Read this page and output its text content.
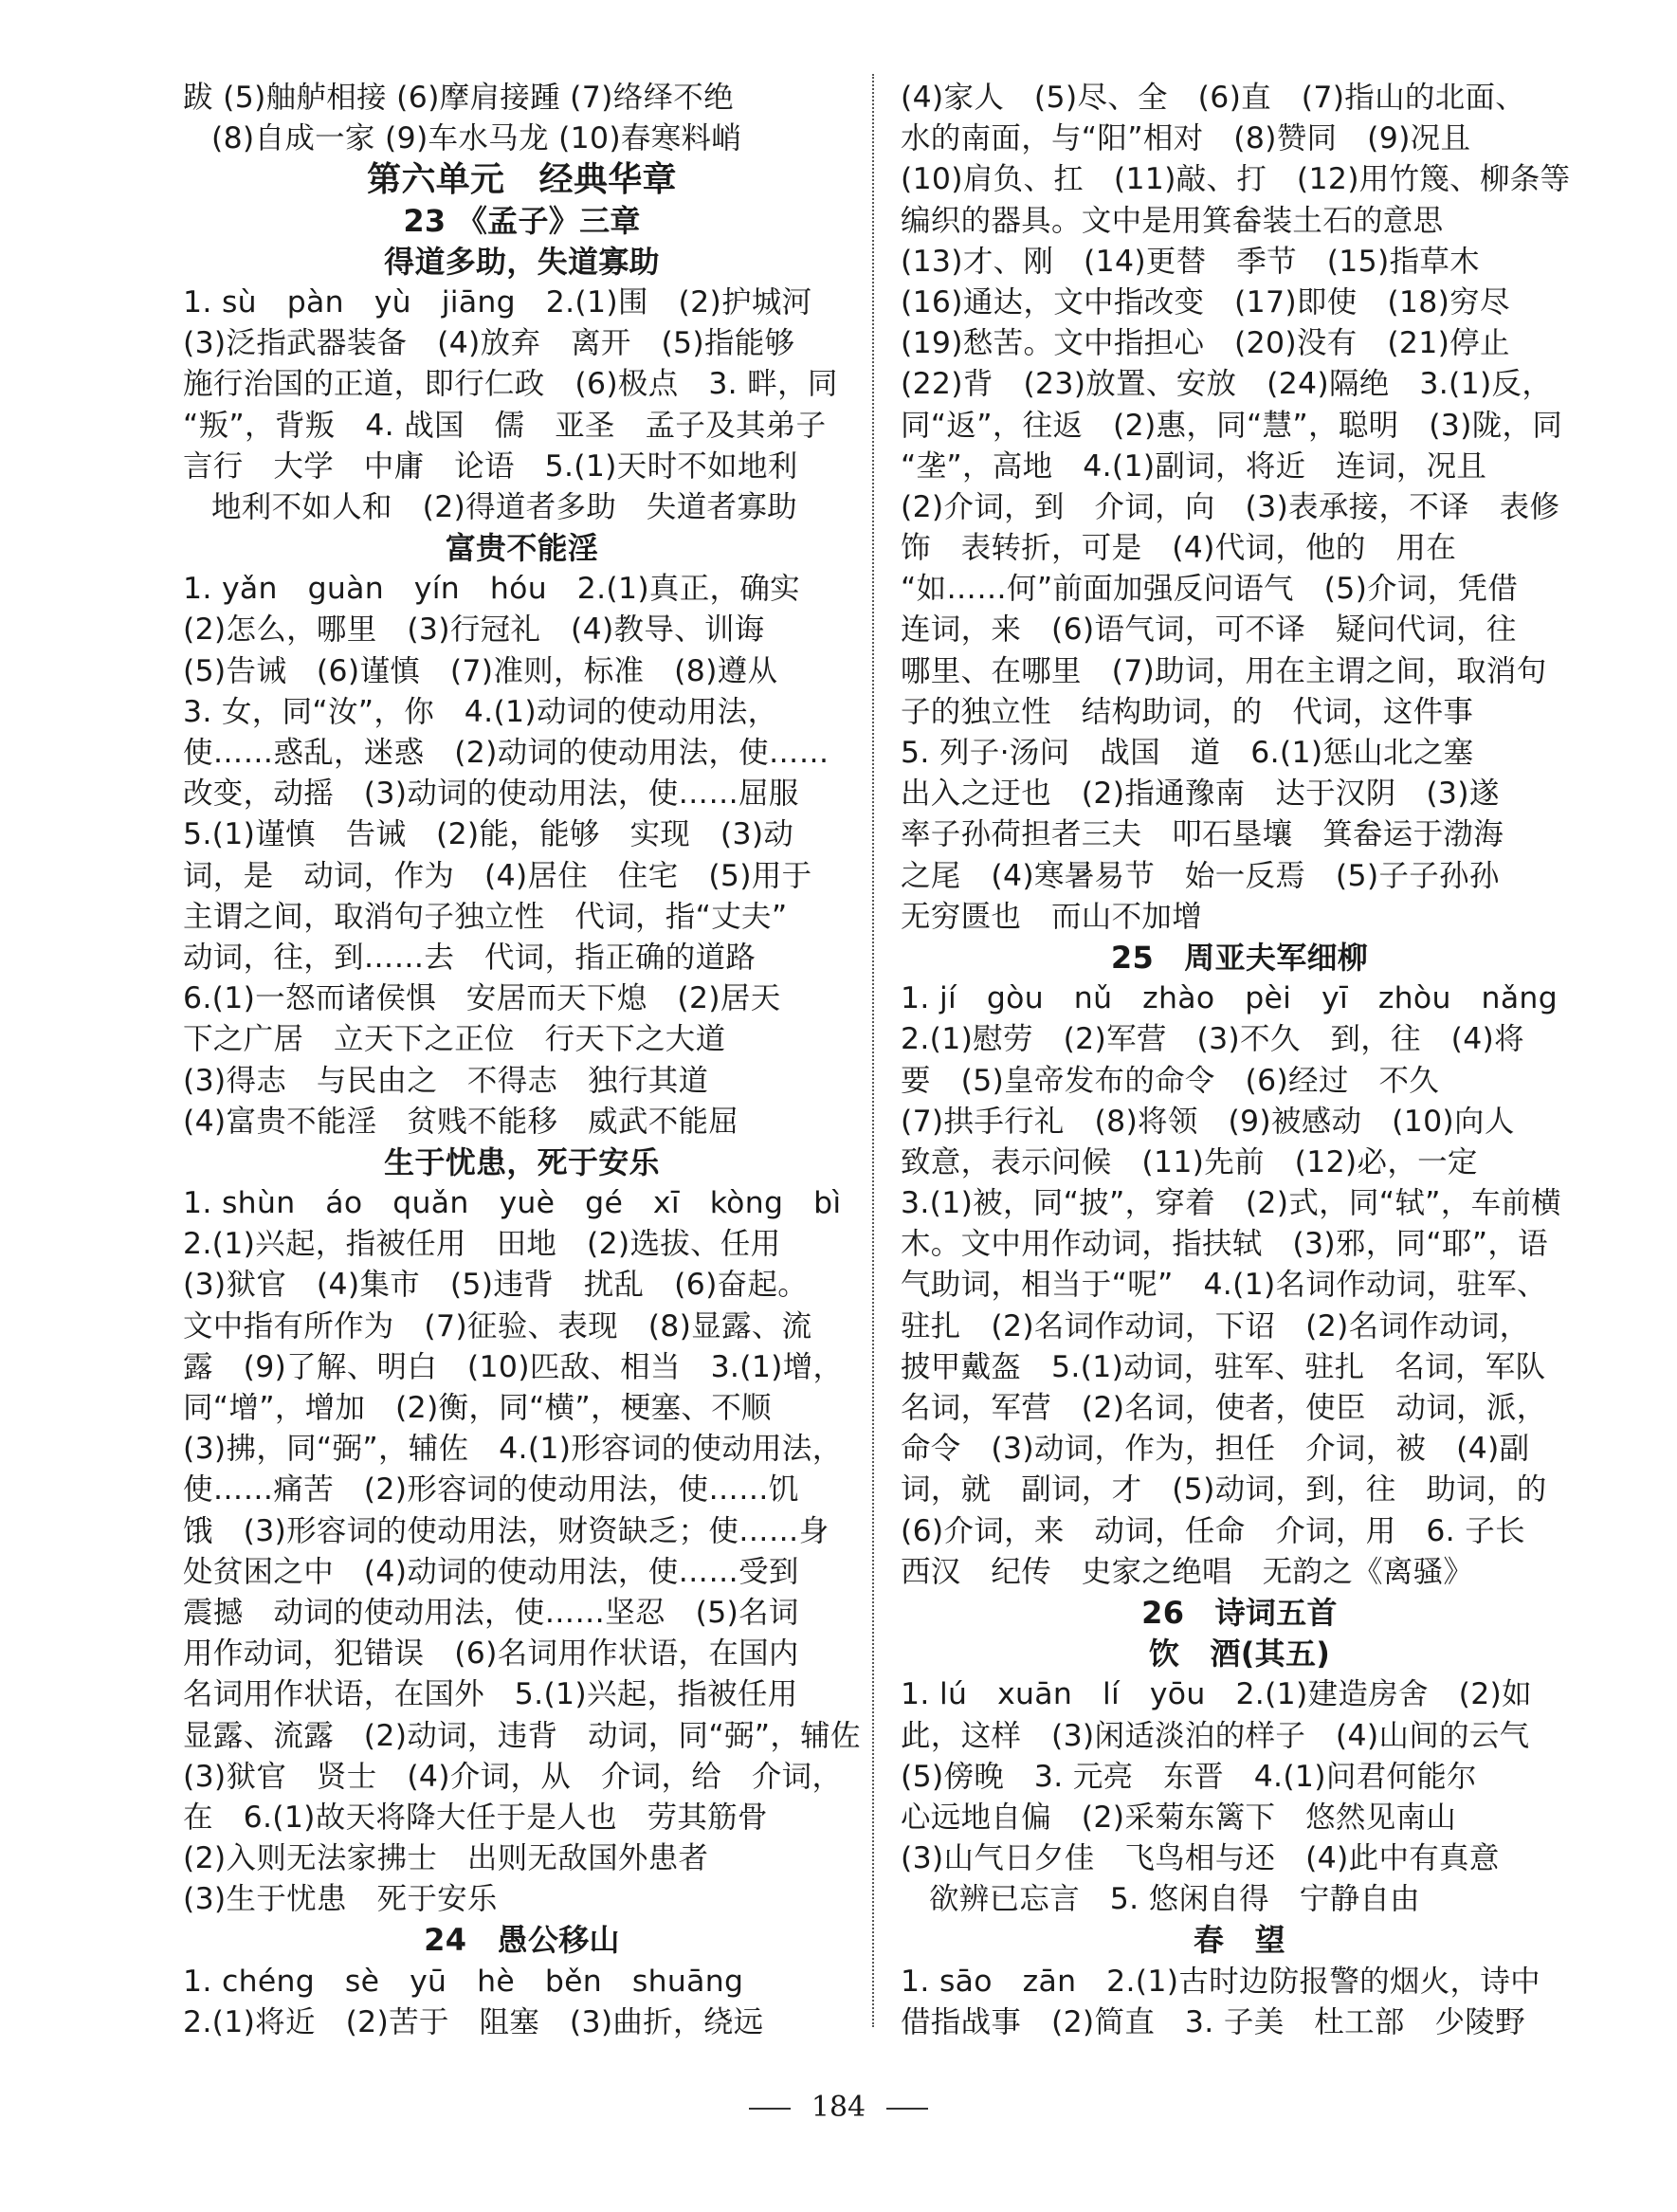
跋 (5)舳舻相接 (6)摩肩接踵 (7)络绎不绝
(8)自成一家 (9)车水马龙 (10)春寒料峭
第六单元　经典华章
23 《孟子》三章
得道多助，失道寡助
1. sù　pàn　yù　jiāng　2.(1)围　(2)护城河
(3)泛指武器装备　(4)放弃　离开　(5)指能够
施行治国的正道，即行仁政　(6)极点　3. 畔，同
“叛”，背叛　4. 战国　儒　亚圣　孟子及其弟子
言行　大学　中庸　论语　5.(1)天时不如地利
地利不如人和　(2)得道者多助　失道者寡助
富贵不能淫
1. yǎn　guàn　yín　hóu　2.(1)真正，确实
(2)怎么，哪里　(3)行冠礼　(4)教导、训诲
(5)告诫　(6)谨慎　(7)准则，标准　(8)遵从
3. 女，同“汝”，你　4.(1)动词的使动用法，
使……惑乱，迷惑　(2)动词的使动用法，使……
改变，动摇　(3)动词的使动用法，使……屈服
5.(1)谨慎　告诫　(2)能，能够　实现　(3)动
词，是　动词，作为　(4)居住　住宅　(5)用于
主谓之间，取消句子独立性　代词，指“丈夫”
动词，往，到……去　代词，指正确的道路
6.(1)一怒而诸侯惧　安居而天下熄　(2)居天
下之广居　立天下之正位　行天下之大道
(3)得志　与民由之　不得志　独行其道
(4)富贵不能淫　贫贱不能移　威武不能屈
生于忧患，死于安乐
1. shùn　áo　quǎn　yuè　gé　xī　kòng　bì
2.(1)兴起，指被任用　田地　(2)选拔、任用
(3)狱官　(4)集市　(5)违背　扰乱　(6)奋起。
文中指有所作为　(7)征验、表现　(8)显露、流
露　(9)了解、明白　(10)匹敌、相当　3.(1)增，
同“增”，增加　(2)衡，同“横”，梗塞、不顺
(3)拂，同“弼”，辅佐　4.(1)形容词的使动用法，
使……痛苦　(2)形容词的使动用法，使……饥
饿　(3)形容词的使动用法，财资缺乏；使……身
处贫困之中　(4)动词的使动用法，使……受到
震撼　动词的使动用法，使……坚忍　(5)名词
用作动词，犯错误　(6)名词用作状语，在国内
名词用作状语，在国外　5.(1)兴起，指被任用
显露、流露　(2)动词，违背　动词，同“弼”，辅佐
(3)狱官　贤士　(4)介词，从　介词，给　介词，
在　6.(1)故天将降大任于是人也　劳其筋骨
(2)入则无法家拂士　出则无敌国外患者
(3)生于忧患　死于安乐
24　愚公移山
1. chéng　sè　yū　hè　běn　shuāng
2.(1)将近　(2)苦于　阻塞　(3)曲折，绕远
(4)家人　(5)尽、全　(6)直　(7)指山的北面、
水的南面，与“阳”相对　(8)赞同　(9)况且
(10)肩负、扛　(11)敲、打　(12)用竹篾、柳条等
编织的器具。文中是用箕畚装土石的意思
(13)才、刚　(14)更替　季节　(15)指草木
(16)通达，文中指改变　(17)即使　(18)穷尽
(19)愁苦。文中指担心　(20)没有　(21)停止
(22)背　(23)放置、安放　(24)隔绝　3.(1)反，
同“返”，往返　(2)惠，同“慧”，聪明　(3)陇，同
“垄”，高地　4.(1)副词，将近　连词，况且
(2)介词，到　介词，向　(3)表承接，不译　表修
饰　表转折，可是　(4)代词，他的　用在
“如……何”前面加强反问语气　(5)介词，凭借
连词，来　(6)语气词，可不译　疑问代词，往
哪里、在哪里　(7)助词，用在主谓之间，取消句
子的独立性　结构助词，的　代词，这件事
5. 列子·汤问　战国　道　6.(1)惩山北之塞
出入之迂也　(2)指通豫南　达于汉阴　(3)遂
率子孙荷担者三夫　叩石垦壤　箕畚运于渤海
之尾　(4)寒暑易节　始一反焉　(5)子子孙孙
无穷匮也　而山不加增
25　周亚夫军细柳
1. jí　gòu　nǔ　zhào　pèi　yī　zhòu　nǎng
2.(1)慰劳　(2)军营　(3)不久　到，往　(4)将
要　(5)皇帝发布的命令　(6)经过　不久
(7)拱手行礼　(8)将领　(9)被感动　(10)向人
致意，表示问候　(11)先前　(12)必，一定
3.(1)被，同“披”，穿着　(2)式，同“轼”，车前横
木。文中用作动词，指扶轼　(3)邪，同“耶”，语
气助词，相当于“呢”　4.(1)名词作动词，驻军、
驻扎　(2)名词作动词，下诏　(2)名词作动词，
披甲戴盔　5.(1)动词，驻军、驻扎　名词，军队
名词，军营　(2)名词，使者，使臣　动词，派，
命令　(3)动词，作为，担任　介词，被　(4)副
词，就　副词，才　(5)动词，到，往　助词，的
(6)介词，来　动词，任命　介词，用　6. 子长
西汉　纪传　史家之绝唱　无韵之《离骚》
26　诗词五首
饮　酒(其五)
1. lú　xuān　lí　yōu　2.(1)建造房舍　(2)如
此，这样　(3)闲适淡泊的样子　(4)山间的云气
(5)傍晚　3. 元亮　东晋　4.(1)问君何能尔
心远地自偏　(2)采菊东篱下　悠然见南山
(3)山气日夕佳　飞鸟相与还　(4)此中有真意
欲辨已忘言　5. 悠闲自得　宁静自由
春　望
1. sāo　zān　2.(1)古时边防报警的烟火，诗中
借指战事　(2)简直　3. 子美　杜工部　少陵野
184
